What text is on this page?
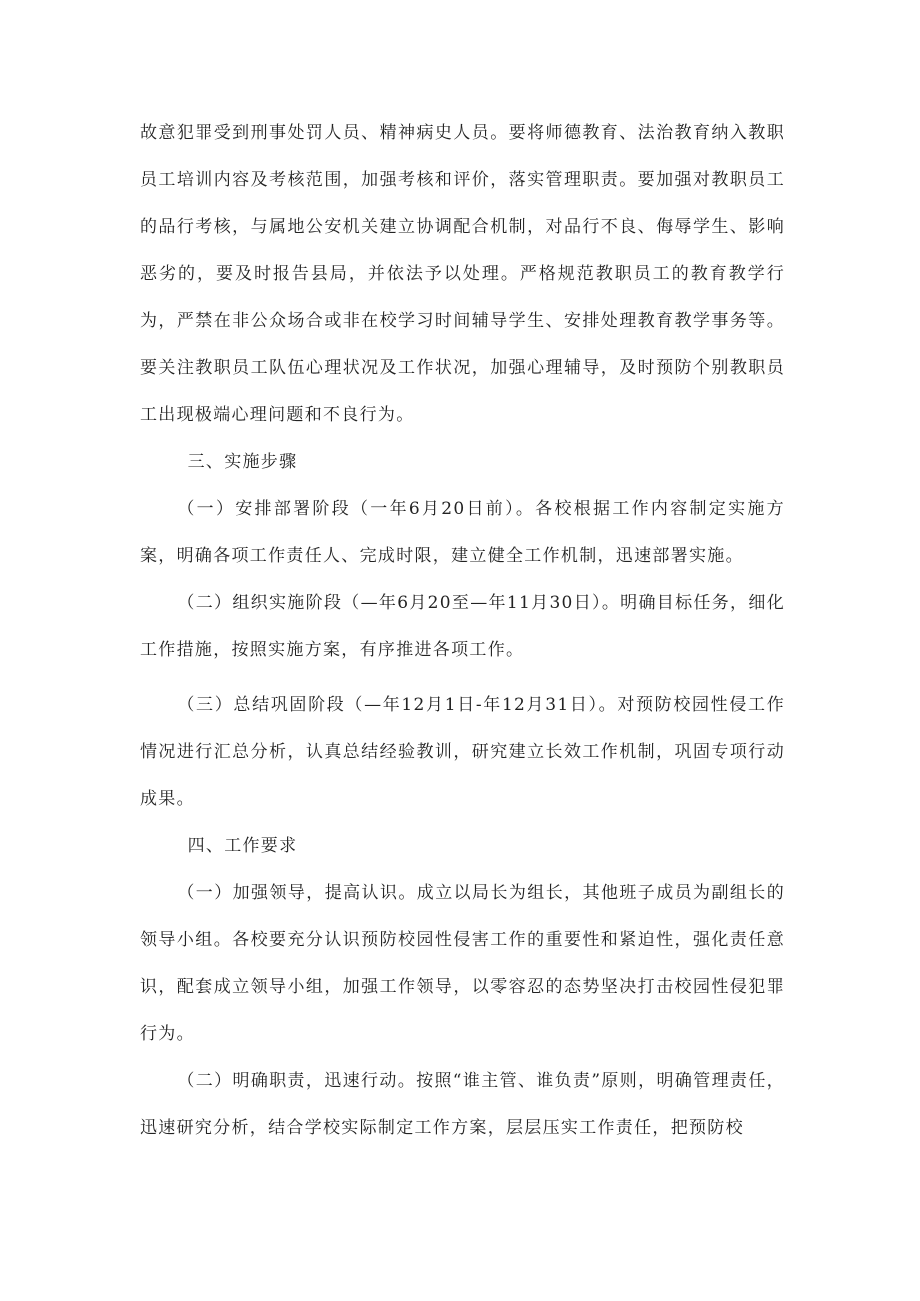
故意犯罪受到刑事处罚人员、精神病史人员。要将师德教育、法治教育纳入教职员工培训内容及考核范围，加强考核和评价，落实管理职责。要加强对教职员工的品行考核，与属地公安机关建立协调配合机制，对品行不良、侮辱学生、影响恶劣的，要及时报告县局，并依法予以处理。严格规范教职员工的教育教学行为，严禁在非公众场合或非在校学习时间辅导学生、安排处理教育教学事务等。要关注教职员工队伍心理状况及工作状况，加强心理辅导，及时预防个别教职员工出现极端心理问题和不良行为。

三、实施步骤

（一）安排部署阶段（一年6月20日前）。各校根据工作内容制定实施方案，明确各项工作责任人、完成时限，建立健全工作机制，迅速部署实施。

（二）组织实施阶段（—年6月20至—年11月30日）。明确目标任务，细化工作措施，按照实施方案，有序推进各项工作。

（三）总结巩固阶段（—年12月1日-年12月31日）。对预防校园性侵工作情况进行汇总分析，认真总结经验教训，研究建立长效工作机制，巩固专项行动成果。

四、工作要求

（一）加强领导，提高认识。成立以局长为组长，其他班子成员为副组长的领导小组。各校要充分认识预防校园性侵害工作的重要性和紧迫性，强化责任意识，配套成立领导小组，加强工作领导，以零容忍的态势坚决打击校园性侵犯罪行为。

（二）明确职责，迅速行动。按照“谁主管、谁负责”原则，明确管理责任，迅速研究分析，结合学校实际制定工作方案，层层压实工作责任，把预防校
